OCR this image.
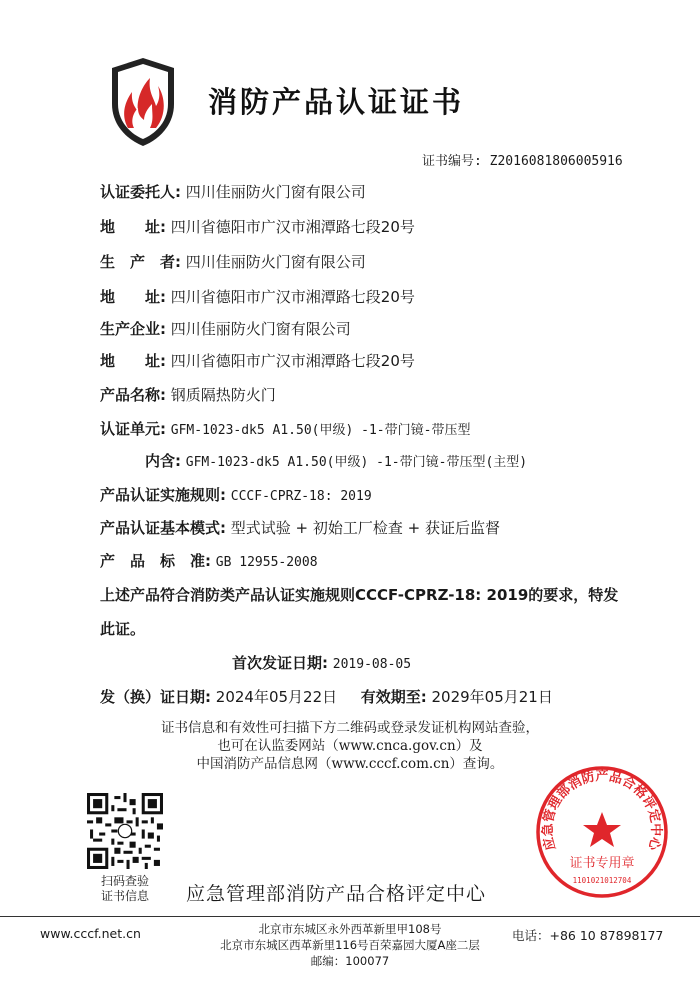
消防产品认证证书
证书编号: Z2016081806005916
认证委托人: 四川佳丽防火门窗有限公司
地　　址: 四川省德阳市广汉市湘潭路七段20号
生　产　者: 四川佳丽防火门窗有限公司
地　　址: 四川省德阳市广汉市湘潭路七段20号
生产企业: 四川佳丽防火门窗有限公司
地　　址: 四川省德阳市广汉市湘潭路七段20号
产品名称: 钢质隔热防火门
认证单元: GFM-1023-dk5 A1.50(甲级) -1-带门镜-带压型
内含: GFM-1023-dk5 A1.50(甲级) -1-带门镜-带压型(主型)
产品认证实施规则: CCCF-CPRZ-18: 2019
产品认证基本模式: 型式试验 + 初始工厂检查 + 获证后监督
产　品　标　准: GB 12955-2008
上述产品符合消防类产品认证实施规则CCCF-CPRZ-18: 2019的要求，特发
此证。
首次发证日期: 2019-08-05
发（换）证日期: 2024年05月22日 有效期至: 2029年05月21日
证书信息和有效性可扫描下方二维码或登录发证机构网站查验，
也可在认监委网站（www.cnca.gov.cn）及
中国消防产品信息网（www.cccf.com.cn）查询。
扫码查验
证书信息	应急管理部消防产品合格评定中心
应急管理部消防产品合格评定中心
证书专用章
1101021012704
www.cccf.net.cn	北京市东城区永外西革新里甲108号
北京市东城区西革新里116号百荣嘉园大厦A座二层
邮编：100077
电话：+86 10 87898177
